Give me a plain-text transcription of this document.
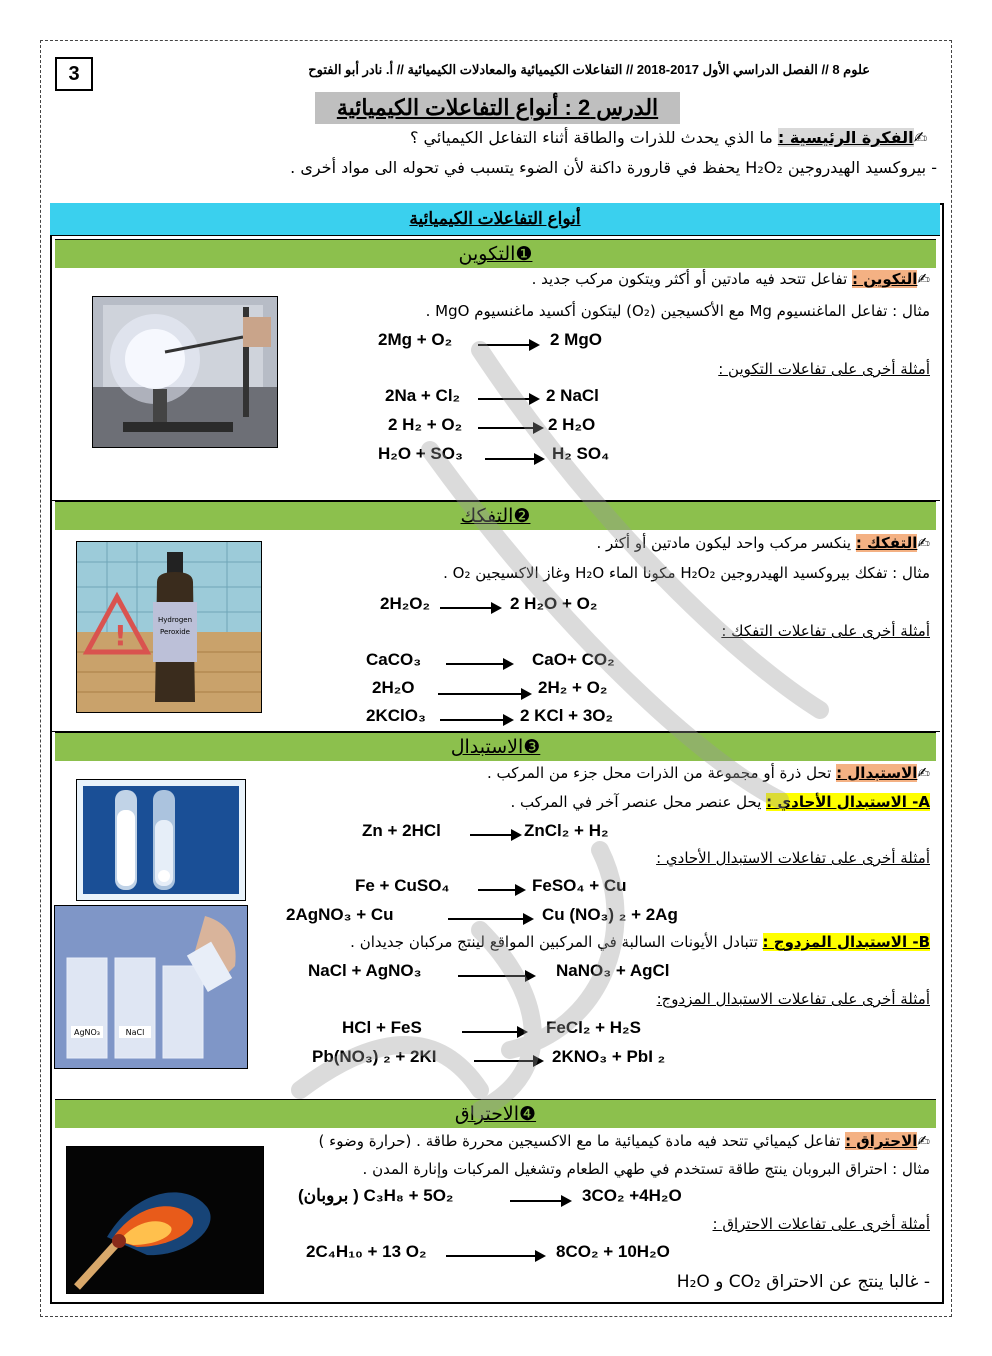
3	علوم 8 // الفصل الدراسي الأول 2017-2018 // التفاعلات الكيميائية والمعادلات الكيميائية // أ. نادر أبو الفتوح
الدرس 2 : أنواع التفاعلات الكيميائية
✍الفكرة الرئيسية : ما الذي يحدث للذرات والطاقة أثناء التفاعل الكيميائي ؟
- بيروكسيد الهيدروجين H₂O₂ يحفظ في قارورة داكنة لأن الضوء يتسبب في تحوله الى مواد أخرى .
أنواع التفاعلات الكيميائية
❶التكوين
✍التكوين : تفاعل تتحد فيه مادتين أو أكثر ويتكون مركب جديد .
مثال : تفاعل الماغنسيوم Mg مع الأكسيجين (O₂) ليتكون أكسيد ماغنسيوم MgO .
2Mg + O₂	2 MgO
أمثلة أخرى على تفاعلات التكوين :
2Na + Cl₂	2 NaCl
2 H₂ + O₂	2 H₂O
H₂O + SO₃	H₂ SO₄
❷التفكك
✍التفكك : ينكسر مركب واحد ليكون مادتين أو أكثر .
مثال : تفكك بيروكسيد الهيدروجين H₂O₂ مكونا الماء H₂O وغاز الاكسيجين O₂ .
2H₂O₂	2 H₂O + O₂
أمثلة أخرى على تفاعلات التفكك :
CaCO₃	CaO+ CO₂
2H₂O	2H₂ + O₂
2KClO₃	2 KCl + 3O₂
!	Hydrogen Peroxide
❸الاستبدال
✍الاستبدال : تحل ذرة أو مجموعة من الذرات محل جزء من المركب .
A- الاستبدال الأحادي : يحل عنصر محل عنصر آخر في المركب .
Zn + 2HCl	ZnCl₂ + H₂
أمثلة أخرى على تفاعلات الاستبدال الأحادي :
Fe + CuSO₄	FeSO₄ + Cu
2AgNO₃ + Cu	Cu (NO₃) ₂ + 2Ag
B- الاستبدال المزدوج : تتبادل الأيونات السالبة في المركبين المواقع لينتج مركبان جديدان .
NaCl + AgNO₃	NaNO₃ + AgCl
أمثلة أخرى على تفاعلات الاستبدال المزدوج:
HCl + FeS	FeCl₂ + H₂S
Pb(NO₃) ₂ + 2KI	2KNO₃ + PbI ₂
AgNO₃	NaCl
❹الاحتراق
✍الاحتراق : تفاعل كيميائي تتحد فيه مادة كيميائية ما مع الاكسيجين محررة طاقة . (حرارة وضوء )
مثال : احتراق البروبان ينتج طاقة تستخدم في طهي الطعام وتشغيل المركبات وإنارة المدن .
(بروبان ) C₃H₈ + 5O₂	3CO₂ +4H₂O
أمثلة أخرى على تفاعلات الاحتراق :
2C₄H₁₀ + 13 O₂	8CO₂ + 10H₂O
- غالبا ينتج عن الاحتراق CO₂ و H₂O
